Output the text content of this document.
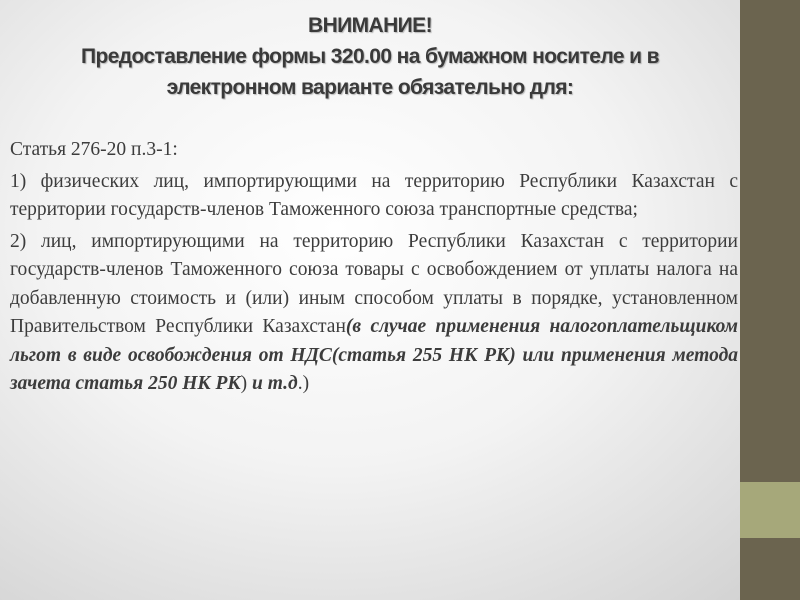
ВНИМАНИЕ!
Предоставление формы 320.00 на бумажном носителе и в
электронном варианте обязательно для:

Статья 276-20 п.3-1:

1) физических лиц, импортирующими на территорию Республики Казахстан с территории государств-членов Таможенного союза транспортные средства;

2) лиц, импортирующими на территорию Республики Казахстан с территории государств-членов Таможенного союза товары с освобождением от уплаты налога на добавленную стоимость и (или) иным способом уплаты в порядке, установленном Правительством Республики Казахстан(в случае применения налогоплательщиком льгот в виде освобождения от НДС(статья 255 НК РК) или применения метода зачета статья 250 НК РК) и т.д.)
